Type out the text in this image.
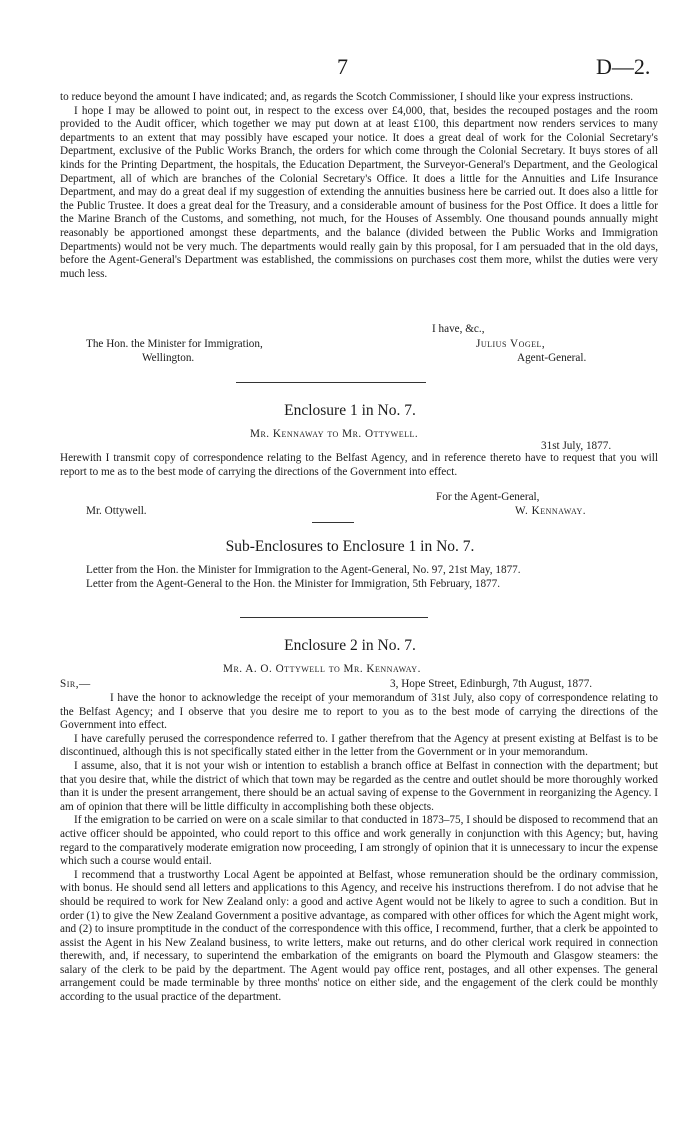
7	D—2.

to reduce beyond the amount I have indicated; and, as regards the Scotch Commissioner, I should like your express instructions.

I hope I may be allowed to point out, in respect to the excess over £4,000, that, besides the recouped postages and the room provided to the Audit officer, which together we may put down at at least £100, this department now renders services to many departments to an extent that may possibly have escaped your notice. It does a great deal of work for the Colonial Secretary's Department, exclusive of the Public Works Branch, the orders for which come through the Colonial Secretary. It buys stores of all kinds for the Printing Department, the hospitals, the Education Department, the Surveyor-General's Department, and the Geological Department, all of which are branches of the Colonial Secretary's Office. It does a little for the Annuities and Life Insurance Department, and may do a great deal if my suggestion of extending the annuities business here be carried out. It does also a little for the Public Trustee. It does a great deal for the Treasury, and a considerable amount of business for the Post Office. It does a little for the Marine Branch of the Customs, and something, not much, for the Houses of Assembly. One thousand pounds annually might reasonably be apportioned amongst these departments, and the balance (divided between the Public Works and Immigration Departments) would not be very much. The departments would really gain by this proposal, for I am persuaded that in the old days, before the Agent-General's Department was established, the commissions on purchases cost them more, whilst the duties were very much less.

I have, &c.,
The Hon. the Minister for Immigration,	Julius Vogel,
Wellington.	Agent-General.
Enclosure 1 in No. 7.
Mr. Kennaway to Mr. Ottywell.
31st July, 1877.

Herewith I transmit copy of correspondence relating to the Belfast Agency, and in reference thereto have to request that you will report to me as to the best mode of carrying the directions of the Government into effect.

For the Agent-General,
Mr. Ottywell.	W. Kennaway.
Sub-Enclosures to Enclosure 1 in No. 7.
Letter from the Hon. the Minister for Immigration to the Agent-General, No. 97, 21st May, 1877.
Letter from the Agent-General to the Hon. the Minister for Immigration, 5th February, 1877.
Enclosure 2 in No. 7.
Mr. A. O. Ottywell to Mr. Kennaway.
Sir,—	3, Hope Street, Edinburgh, 7th August, 1877.

I have the honor to acknowledge the receipt of your memorandum of 31st July, also copy of correspondence relating to the Belfast Agency; and I observe that you desire me to report to you as to the best mode of carrying the directions of the Government into effect.

I have carefully perused the correspondence referred to. I gather therefrom that the Agency at present existing at Belfast is to be discontinued, although this is not specifically stated either in the letter from the Government or in your memorandum.

I assume, also, that it is not your wish or intention to establish a branch office at Belfast in connection with the department; but that you desire that, while the district of which that town may be regarded as the centre and outlet should be more thoroughly worked than it is under the present arrangement, there should be an actual saving of expense to the Government in reorganizing the Agency. I am of opinion that there will be little difficulty in accomplishing both these objects.

If the emigration to be carried on were on a scale similar to that conducted in 1873–75, I should be disposed to recommend that an active officer should be appointed, who could report to this office and work generally in conjunction with this Agency; but, having regard to the comparatively moderate emigration now proceeding, I am strongly of opinion that it is unnecessary to incur the expense which such a course would entail.

I recommend that a trustworthy Local Agent be appointed at Belfast, whose remuneration should be the ordinary commission, with bonus. He should send all letters and applications to this Agency, and receive his instructions therefrom. I do not advise that he should be required to work for New Zealand only: a good and active Agent would not be likely to agree to such a condition. But in order (1) to give the New Zealand Government a positive advantage, as compared with other offices for which the Agent might work, and (2) to insure promptitude in the conduct of the correspondence with this office, I recommend, further, that a clerk be appointed to assist the Agent in his New Zealand business, to write letters, make out returns, and do other clerical work required in connection therewith, and, if necessary, to superintend the embarkation of the emigrants on board the Plymouth and Glasgow steamers: the salary of the clerk to be paid by the department. The Agent would pay office rent, postages, and all other expenses. The general arrangement could be made terminable by three months' notice on either side, and the engagement of the clerk could be monthly according to the usual practice of the department.
